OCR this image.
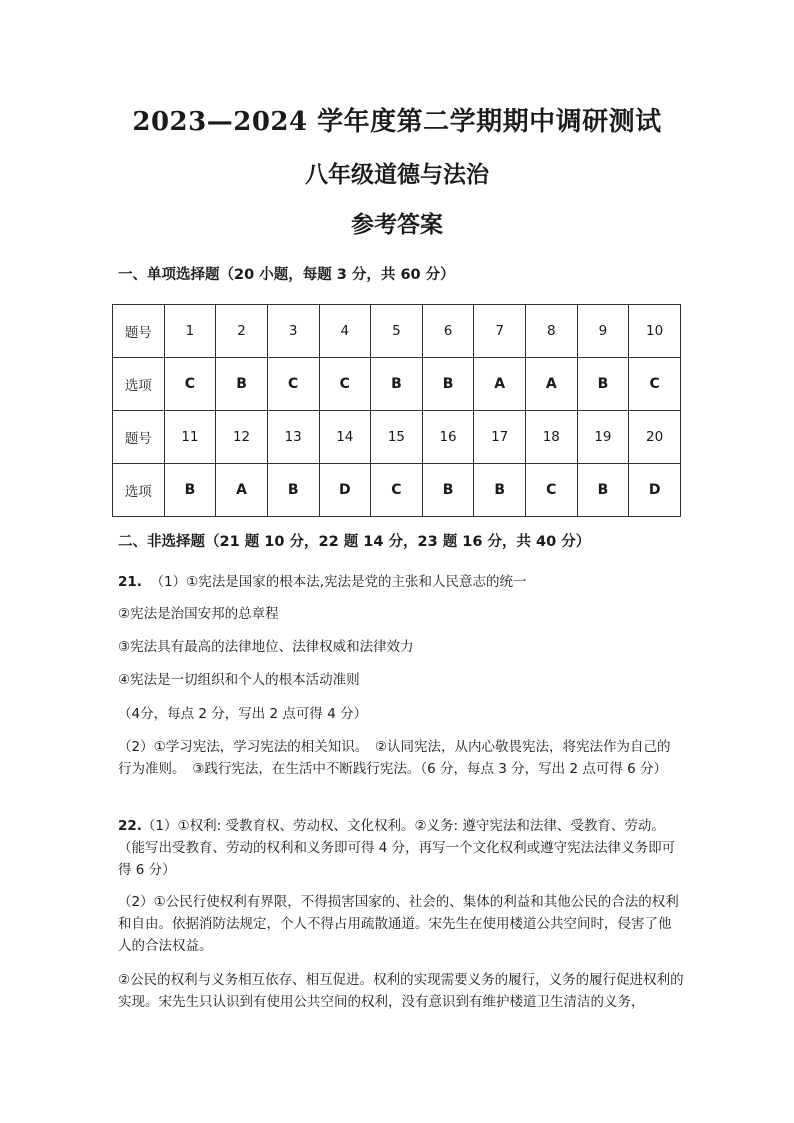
2023—2024 学年度第二学期期中调研测试
八年级道德与法治
参考答案
一、单项选择题（20 小题，每题 3 分，共 60 分）
题号	1	2	3	4	5	6	7	8	9	10
选项	C	B	C	C	B	B	A	A	B	C
题号	11	12	13	14	15	16	17	18	19	20
选项	B	A	B	D	C	B	B	C	B	D
二、非选择题（21 题 10 分，22 题 14 分，23 题 16 分，共 40 分）
21. （1）①宪法是国家的根本法,宪法是党的主张和人民意志的统一
②宪法是治国安邦的总章程
③宪法具有最高的法律地位、法律权威和法律效力
④宪法是一切组织和个人的根本活动准则
（4分，每点 2 分，写出 2 点可得 4 分）
（2）①学习宪法，学习宪法的相关知识。　②认同宪法，从内心敬畏宪法，将宪法作为自己的行为准则。　③践行宪法，在生活中不断践行宪法。（6 分，每点 3 分，写出 2 点可得 6 分）
22.（1）①权利: 受教育权、劳动权、文化权利。②义务: 遵守宪法和法律、受教育、劳动。（能写出受教育、劳动的权利和义务即可得 4 分，再写一个文化权利或遵守宪法法律义务即可得 6 分）
（2）①公民行使权利有界限，不得损害国家的、社会的、集体的利益和其他公民的合法的权利和自由。依据消防法规定，个人不得占用疏散通道。宋先生在使用楼道公共空间时，侵害了他人的合法权益。
②公民的权利与义务相互依存、相互促进。权利的实现需要义务的履行，义务的履行促进权利的实现。宋先生只认识到有使用公共空间的权利，没有意识到有维护楼道卫生清洁的义务，
